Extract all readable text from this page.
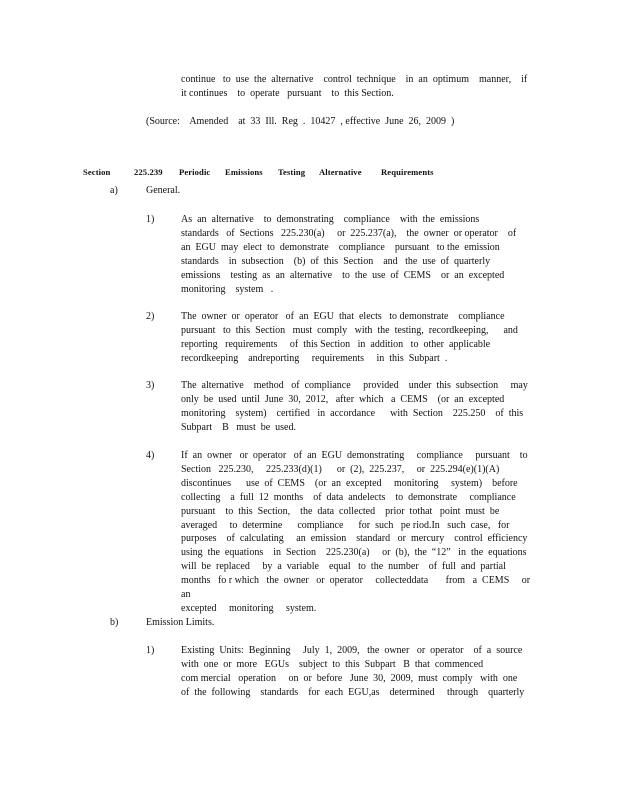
continue   to  use  the  alternative    control  technique    in  an  optimum    manner,    if
it continues    to  operate   pursuant    to  this Section.

(Source:    Amended    at  33  Ill.  Reg  .  10427  , effective  June  26,  2009  )

Section	225.239 Periodic Emissions Testing Alternative Requirements

a)	General.
1)	As  an  alternative    to  demonstrating    compliance    with  the  emissions
standards   of  Sections   225.230(a)     or  225.237(a),    the  owner  or operator    of
an  EGU  may  elect  to  demonstrate    compliance    pursuant   to the  emission
standards    in  subsection    (b)  of  this  Section    and   the  use  of  quarterly
emissions    testing  as  an  alternative    to  the  use  of  CEMS    or  an  excepted
monitoring    system   .

2)	The  owner  or  operator   of  an  EGU  that  elects   to demonstrate    compliance
pursuant   to  this  Section   must  comply   with  the  testing,  recordkeeping,      and
reporting   requirements     of  this Section   in  addition   to  other  applicable
recordkeeping    andreporting     requirements     in  this  Subpart  .

3)	The  alternative    method   of  compliance     provided    under  this  subsection     may
only  be  used  until  June  30,  2012,   after  which   a  CEMS    (or  an  excepted
monitoring    system)    certified   in  accordance      with  Section    225.250    of  this
Subpart    B   must  be  used.

4)	If  an  owner   or  operator   of  an  EGU  demonstrating     compliance     pursuant    to
Section   225.230,     225.233(d)(1)      or  (2),  225.237,     or  225.294(e)(1)(A)
discontinues      use  of  CEMS    (or  an  excepted     monitoring     system)    before
collecting    a  full  12  months    of  data  andelects    to  demonstrate     compliance
pursuant    to  this  Section,    the  data  collected    prior  tothat   point  must  be
averaged     to  determine      compliance      for  such   pe riod.In   such  case,   for
purposes    of  calculating     an  emission    standard   or  mercury    control  efficiency
using  the  equations    in  Section    225.230(a)     or  (b),  the  “12”   in  the  equations
will  be  replaced     by  a  variable    equal   to  the  number    of  full  and  partial
months   fo r which   the  owner   or  operator     collecteddata       from   a  CEMS     or  an
excepted     monitoring     system.

b)	Emission Limits.
1)	Existing  Units:  Beginning     July  1,  2009,   the  owner   or  operator    of  a  source
with  one  or  more   EGUs    subject  to  this  Subpart   B  that  commenced
com mercial   operation     on  or  before   June  30,  2009,  must  comply   with  one
of  the  following    standards    for  each  EGU,as    determined     through    quarterly
